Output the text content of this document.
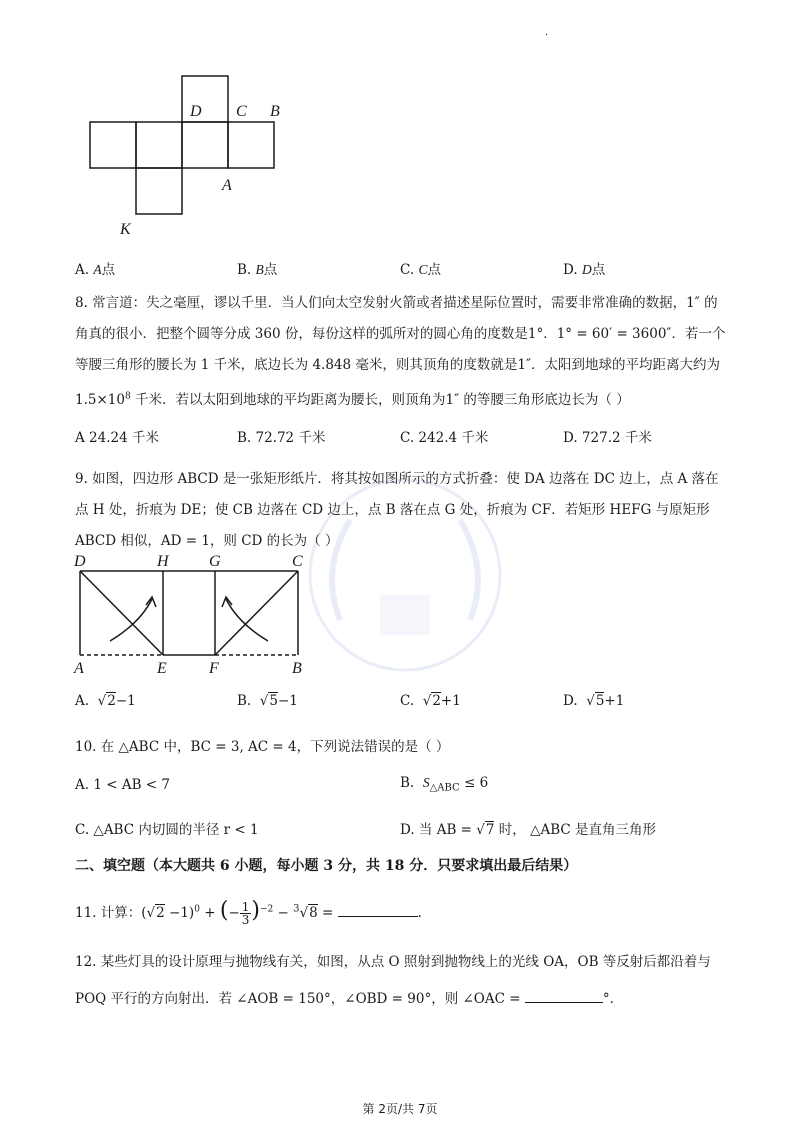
·
D C B
A
K
A. A点	B. B点	C. C点	D. D点
8. 常言道：失之毫厘，谬以千里．当人们向太空发射火箭或者描述星际位置时，需要非常准确的数据，1″ 的
角真的很小．把整个圆等分成 360 份，每份这样的弧所对的圆心角的度数是1°．1° = 60′ = 3600″．若一个
等腰三角形的腰长为 1 千米，底边长为 4.848 毫米，则其顶角的度数就是1″．太阳到地球的平均距离大约为
$1.5\times 10^8$ 千米．若以太阳到地球的平均距离为腰长，则顶角为1″ 的等腰三角形底边长为（ ）
A 24.24 千米	B. 72.72 千米	C. 242.4 千米	D. 727.2 千米
9. 如图，四边形 ABCD 是一张矩形纸片．将其按如图所示的方式折叠：使 DA 边落在 DC 边上，点 A 落在
点 H 处，折痕为 DE；使 CB 边落在 CD 边上，点 B 落在点 G 处，折痕为 CF．若矩形 HEFG 与原矩形
ABCD 相似，AD = 1，则 CD 的长为（ ）
D	H	G	C
A	E	F	B
A.  √2−1	B.  √5−1	C.  √2+1	D.  √5+1
10. 在 △ABC 中，BC = 3, AC = 4，下列说法错误的是（ ）
A. 1 < AB < 7	B. $S_{\triangle ABC} \le 6$
C. △ABC 内切圆的半径 r < 1	D. 当 AB = √7 时， △ABC 是直角三角形
二、填空题（本大题共 6 小题，每小题 3 分，共 18 分．只要求填出最后结果）
11. 计算：$(√2 -1)^0$ + (− $\frac{1}{3} )^{-2} - ^3√8$ =	.
12. 某些灯具的设计原理与抛物线有关，如图，从点 O 照射到抛物线上的光线 OA，OB 等反射后都沿着与
POQ 平行的方向射出．若 ∠AOB = 150°，∠OBD = 90°，则 ∠OAC =	°．
第 2页/共 7页
